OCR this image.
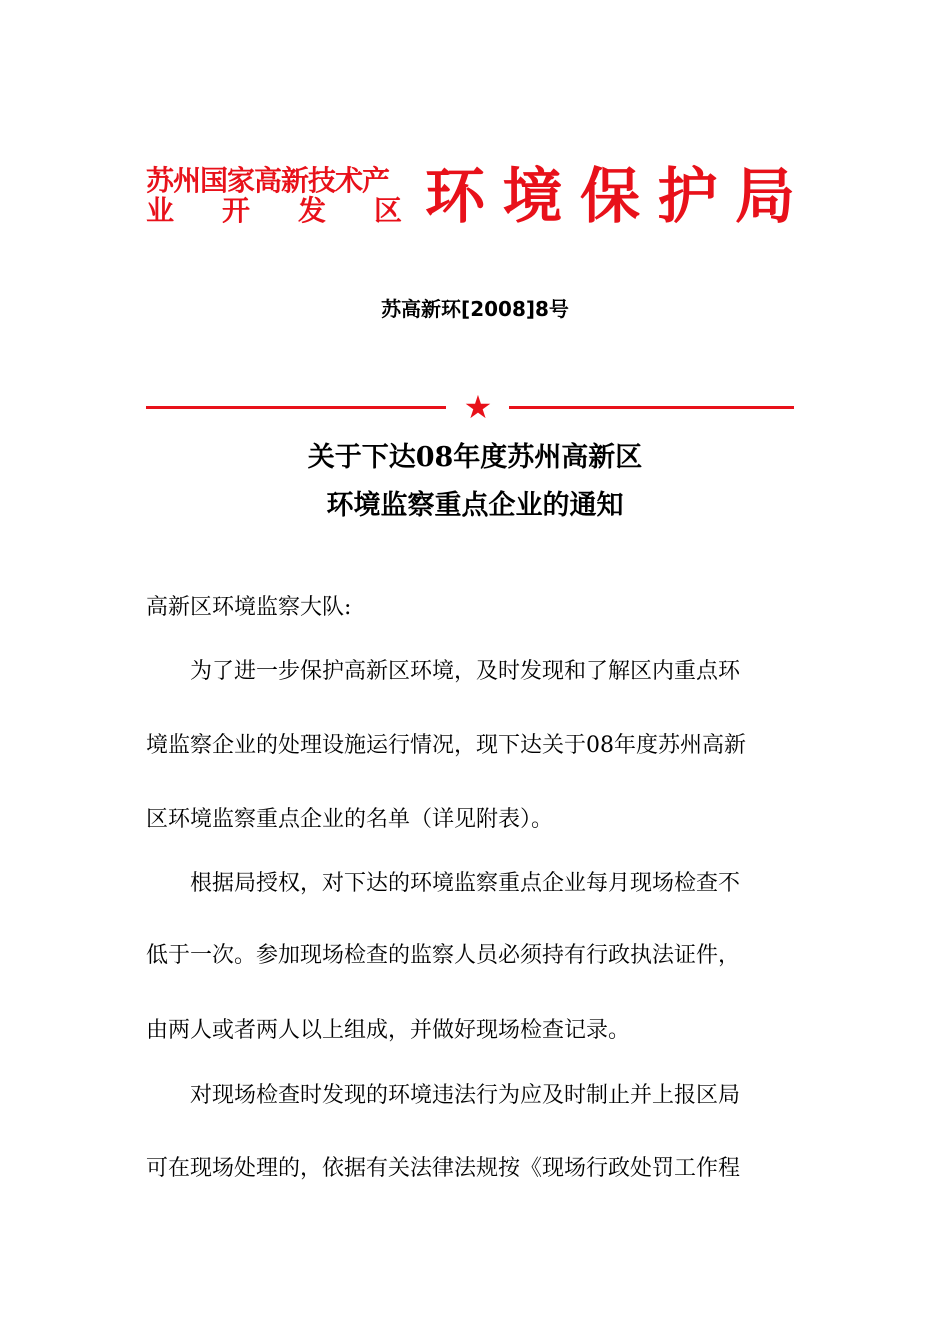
苏州国家高新技术产
业 开 发 区 环 境 保 护 局
苏高新环[2008]8号
★
关于下达08年度苏州高新区
环境监察重点企业的通知
高新区环境监察大队:
　　为了进一步保护高新区环境，及时发现和了解区内重点环
境监察企业的处理设施运行情况，现下达关于08年度苏州高新
区环境监察重点企业的名单（详见附表）。
　　根据局授权，对下达的环境监察重点企业每月现场检查不
低于一次。参加现场检查的监察人员必须持有行政执法证件，
由两人或者两人以上组成，并做好现场检查记录。
　　对现场检查时发现的环境违法行为应及时制止并上报区局
可在现场处理的，依据有关法律法规按《现场行政处罚工作程
